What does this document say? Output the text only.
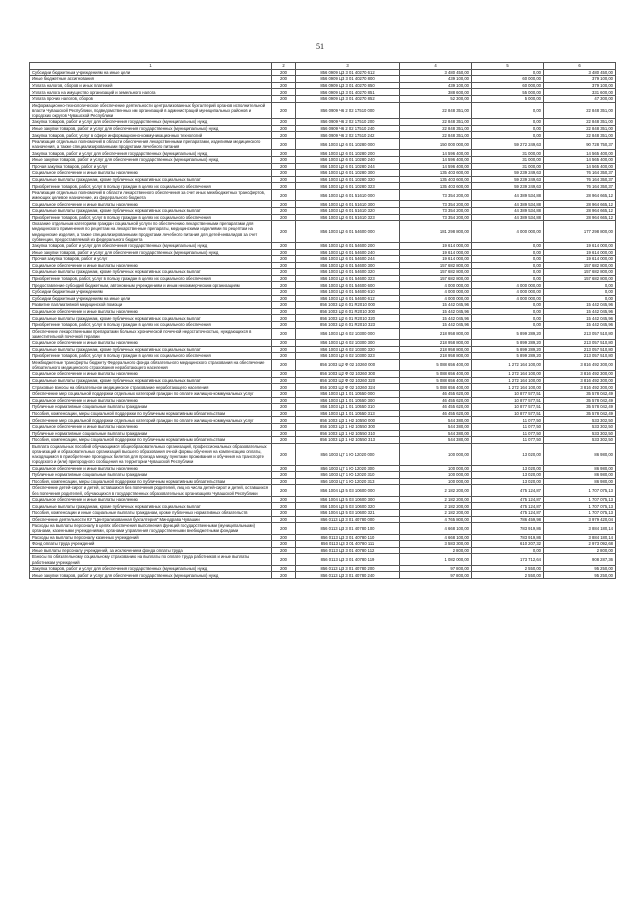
51
1	2	3	4	5	6
Субсидии бюджетным учреждениям на иные цели	200	856 0909 Ц3 3 01 40270 612	3 480 450,00	0,00	3 480 450,00
Иные бюджетные ассигнования	200	856 0909 Ц3 3 01 40270 800	439 100,00	60 000,00	379 100,00
Уплата налогов, сборов и иных платежей	200	856 0909 Ц3 3 01 40270 850	439 100,00	60 000,00	379 100,00
Уплата налога на имущество организаций и земельного налога	200	856 0909 Ц3 3 01 40270 851	388 600,00	55 000,00	331 600,00
Уплата прочих налогов, сборов	200	856 0909 Ц3 3 01 40270 852	52 300,00	5 000,00	47 300,00
Информационно-технологическое обеспечение деятельности централизованных бухгалтерий органов исполнительной власти Чувашской Республики, подведомственных им организаций в администраций муниципальных районов и городских округов Чувашской Республики	200	856 0909 Ч6 2 02 17510 000	22 848 351,00	0,00	22 848 351,00
Закупка товаров, работ и услуг для обеспечения государственных (муниципальных) нужд	200	856 0909 Ч6 2 02 17510 200	22 848 351,00	0,00	22 848 351,00
Иные закупки товаров, работ и услуг для обеспечения государственных (муниципальных) нужд	200	856 0909 Ч6 2 02 17510 240	22 848 351,00	0,00	22 848 351,00
Закупка товаров, работ, услуг в сфере информационно-коммуникационных технологий	200	856 0909 Ч6 2 02 17510 242	22 848 351,00	0,00	22 848 351,00
Реализация отдельных полномочий в области обеспечения лекарственными препаратами, изделиями медицинского назначения, а также специализированными продуктами лечебного питания	200	856 1003 Ц2 6 01 10280 000	150 000 000,00	59 272 249,63	90 728 750,37
Закупка товаров, работ и услуг для обеспечения государственных (муниципальных) нужд	200	856 1003 Ц2 6 01 10280 200	14 596 400,00	31 000,00	14 565 400,00
Иные закупки товаров, работ и услуг для обеспечения государственных (муниципальных) нужд	200	856 1003 Ц2 6 01 10280 240	14 596 400,00	31 000,00	14 565 400,00
Прочая закупка товаров, работ и услуг	200	856 1003 Ц2 6 01 10280 244	14 596 400,00	31 000,00	14 565 400,00
Социальное обеспечение и иные выплаты населению	200	856 1003 Ц2 6 01 10280 300	135 403 600,00	59 239 249,63	76 164 350,37
Социальные выплаты гражданам, кроме публичных нормативных социальных выплат	200	856 1003 Ц2 6 01 10280 320	135 403 600,00	59 239 249,63	76 164 350,37
Приобретение товаров, работ, услуг в пользу граждан в целях их социального обеспечения	200	856 1003 Ц2 6 01 10280 323	135 403 600,00	59 239 249,63	76 164 350,37
Реализация отдельных полномочий в области лекарственного обеспечения за счет иных межбюджетных трансфертов, имеющих целевое назначение, из федерального бюджета	200	856 1003 Ц2 6 01 51610 000	73 354 200,00	44 389 534,88	28 964 665,12
Социальное обеспечение и иные выплаты населению	200	856 1003 Ц2 6 01 51610 300	73 354 200,00	44 389 534,88	28 964 665,12
Социальные выплаты гражданам, кроме публичных нормативных социальных выплат	200	856 1003 Ц2 6 01 51610 320	73 354 200,00	44 389 534,88	28 964 665,12
Приобретение товаров, работ, услуг в пользу граждан в целях их социального обеспечения	200	856 1003 Ц2 6 01 51610 323	73 354 200,00	44 389 534,88	28 964 665,12
Оказание отдельным категориям граждан социальной услуги по обеспечению лекарственными препаратами для медицинского применения по рецептам на лекарственные препараты, медицинскими изделиями по рецептам на медицинские изделия, а также специализированными продуктами лечебного питания для детей-инвалидов за счет субвенции, предоставляемой из федерального бюджета	200	856 1003 Ц2 6 01 54600 000	181 298 800,00	4 000 000,00	177 298 800,00
Закупка товаров, работ и услуг для обеспечения государственных (муниципальных) нужд	200	856 1003 Ц2 6 01 54600 200	19 614 000,00	0,00	19 614 000,00
Иные закупки товаров, работ и услуг для обеспечения государственных (муниципальных) нужд	200	856 1003 Ц2 6 01 54600 240	19 614 000,00	0,00	19 614 000,00
Прочая закупка товаров, работ и услуг	200	856 1003 Ц2 6 01 54600 244	19 614 000,00	0,00	19 614 000,00
Социальное обеспечение и иные выплаты населению	200	856 1003 Ц2 6 01 54600 300	157 682 800,00	0,00	157 682 800,00
Социальные выплаты гражданам, кроме публичных нормативных социальных выплат	200	856 1003 Ц2 6 01 54600 320	157 682 800,00	0,00	157 682 800,00
Приобретение товаров, работ, услуг в пользу граждан в целях их социального обеспечения	200	856 1003 Ц2 6 01 54600 323	157 682 800,00	0,00	157 682 800,00
Предоставление субсидий бюджетным, автономным учреждениям и иным некоммерческим организациям	200	856 1003 Ц2 6 01 54600 600	4 000 000,00	4 000 000,00	0,00
Субсидии бюджетным учреждениям	200	856 1003 Ц2 6 01 54600 610	4 000 000,00	4 000 000,00	0,00
Субсидии бюджетным учреждениям на иные цели	200	856 1003 Ц2 6 01 54600 612	4 000 000,00	4 000 000,00	0,00
Развитие паллиативной медицинской помощи	200	856 1003 Ц2 6 01 R2010 000	15 442 045,96	0,00	15 442 045,96
Социальное обеспечение и иные выплаты населению	200	856 1003 Ц2 6 01 R2010 300	15 442 045,96	0,00	15 442 045,96
Социальные выплаты гражданам, кроме публичных нормативных социальных выплат	200	856 1003 Ц2 6 01 R2010 320	15 442 045,96	0,00	15 442 045,96
Приобретение товаров, работ, услуг в пользу граждан в целях их социального обеспечения	200	856 1003 Ц2 6 01 R2010 323	15 442 045,96	0,00	15 442 045,96
Обеспечение лекарственными препаратами больных хронической почечной недостаточностью, нуждающихся в заместительной почечной терапии	200	856 1003 Ц2 6 02 10300 000	218 958 800,00	5 899 289,20	213 057 510,80
Социальное обеспечение и иные выплаты населению	200	856 1003 Ц2 6 02 10300 300	218 958 800,00	5 899 289,20	213 057 510,80
Социальные выплаты гражданам, кроме публичных нормативных социальных выплат	200	856 1003 Ц2 6 02 10300 320	218 958 800,00	5 899 289,20	213 057 510,80
Приобретение товаров, работ, услуг в пользу граждан в целях их социального обеспечения	200	856 1003 Ц2 6 02 10300 323	218 958 800,00	5 899 289,20	213 057 510,80
Межбюджетные трансферты бюджету Федерального фонда обязательного медицинского страхования на обеспечение обязательного медицинского страхования неработающего населения	200	856 1003 Ц2 Ф 02 10260 000	5 088 656 400,00	1 272 164 100,00	3 816 492 300,00
Социальное обеспечение и иные выплаты населению	200	856 1003 Ц2 Ф 02 10260 300	5 088 656 400,00	1 272 164 100,00	3 816 492 300,00
Социальные выплаты гражданам, кроме публичных нормативных социальных выплат	200	856 1003 Ц2 Ф 02 10260 320	5 088 656 400,00	1 272 164 100,00	3 816 492 300,00
Страховые взносы на обязательное медицинское страхование неработающего населения	200	856 1003 Ц2 Ф 02 10260 324	5 088 656 400,00	1 272 164 100,00	3 816 492 300,00
Обеспечение мер социальной поддержки отдельных категорий граждан по оплате жилищно-коммунальных услуг	200	856 1003 Ц3 1 01 10550 000	46 455 620,00	10 877 577,51	35 578 042,49
Социальное обеспечение и иные выплаты населению	200	856 1003 Ц3 1 01 10550 300	46 455 620,00	10 877 577,51	35 578 042,49
Публичные нормативные социальные выплаты гражданам	200	856 1003 Ц3 1 01 10550 310	46 455 620,00	10 877 577,51	35 578 042,49
Пособия, компенсации, меры социальной поддержки по публичным нормативным обязательствам	200	856 1003 Ц3 1 01 10550 313	46 455 620,00	10 877 577,51	35 578 042,49
Обеспечение мер социальной поддержки отдельных категорий граждан по оплате жилищно-коммунальных услуг	200	856 1003 Ц3 1 Н2 10550 000	544 380,00	11 077,50	533 302,50
Социальное обеспечение и иные выплаты населению	200	856 1003 Ц3 1 Н2 10550 300	544 380,00	11 077,50	533 302,50
Публичные нормативные социальные выплаты гражданам	200	856 1003 Ц3 1 Н2 10550 310	544 380,00	11 077,50	533 302,50
Пособия, компенсации, меры социальной поддержки по публичным нормативным обязательствам	200	856 1003 Ц3 1 Н2 10550 313	544 380,00	11 077,50	533 302,50
Выплата социальных пособий обучающимся общеобразовательных организаций, профессиональных образовательных организаций и образовательных организаций высшего образования очной формы обучения на компенсацию оплаты, находящимся в приобретение проездных билетов для проезда между пунктами проживания и обучения на транспорте городского и (или) пригородного сообщения на территории Чувашской Республики	200	856 1003 Ц7 1 Ю 12020 000	100 000,00	13 020,00	86 980,00
Социальное обеспечение и иные выплаты населению	200	856 1003 Ц7 1 Ю 12020 300	100 000,00	13 020,00	86 980,00
Публичные нормативные социальные выплаты гражданам	200	856 1003 Ц7 1 Ю 12020 310	100 000,00	13 020,00	86 980,00
Пособия, компенсации, меры социальной поддержки по публичным нормативным обязательствам	200	856 1003 Ц7 1 Ю 12020 313	100 000,00	13 020,00	86 980,00
Обеспечение детей-сирот и детей, оставшихся без попечения родителей, лиц из числа детей-сирот и детей, оставшихся без попечения родителей, обучающихся в государственных образовательных организациях Чувашской Республики	200	856 1004 Ц3 5 03 10600 000	2 182 200,00	475 124,87	1 707 075,13
Социальное обеспечение и иные выплаты населению	200	856 1004 Ц3 5 03 10600 300	2 182 200,00	475 124,87	1 707 075,13
Социальные выплаты гражданам, кроме публичных нормативных социальных выплат	200	856 1004 Ц3 5 03 10600 320	2 182 200,00	475 124,87	1 707 075,13
Пособия, компенсации и иные социальные выплаты гражданам, кроме публичных нормативных обязательств	200	856 1004 Ц3 5 03 10600 321	2 182 200,00	475 124,87	1 707 075,13
Обеспечение деятельности КУ "Централизованная бухгалтерия" Минздрава Чувашии	200	856 0113 Ц3 3 01 40780 000	4 765 800,00	786 459,98	3 979 420,04
Расходы на выплаты персоналу в целях обеспечения выполнения функций государственными (муниципальными) органами, казенными учреждениями, органами управления государственными внебюджетными фондами	200	856 0113 Ц3 3 01 40780 100	4 668 100,00	783 919,86	3 884 180,14
Расходы на выплаты персоналу казенных учреждений	200	856 0113 Ц3 3 01 40780 110	4 668 100,00	783 919,86	3 884 180,14
Фонд оплаты труда учреждений	200	856 0113 Ц3 3 01 40780 111	3 583 300,00	610 207,32	2 973 092,68
Иные выплаты персоналу учреждений, за исключением фонда оплаты труда	200	856 0113 Ц3 3 01 40780 112	2 800,00	0,00	2 800,00
Взносы по обязательному социальному страхованию на выплаты по оплате труда работников и иные выплаты работникам учреждений	200	856 0113 Ц3 3 01 40780 119	1 082 000,00	173 712,64	908 287,36
Закупка товаров, работ и услуг для обеспечения государственных (муниципальных) нужд	200	856 0113 Ц3 3 01 40780 200	97 800,00	2 550,00	95 250,00
Иные закупки товаров, работ и услуг для обеспечения государственных (муниципальных) нужд	200	856 0113 Ц3 3 01 40780 240	97 800,00	2 550,00	95 250,00
